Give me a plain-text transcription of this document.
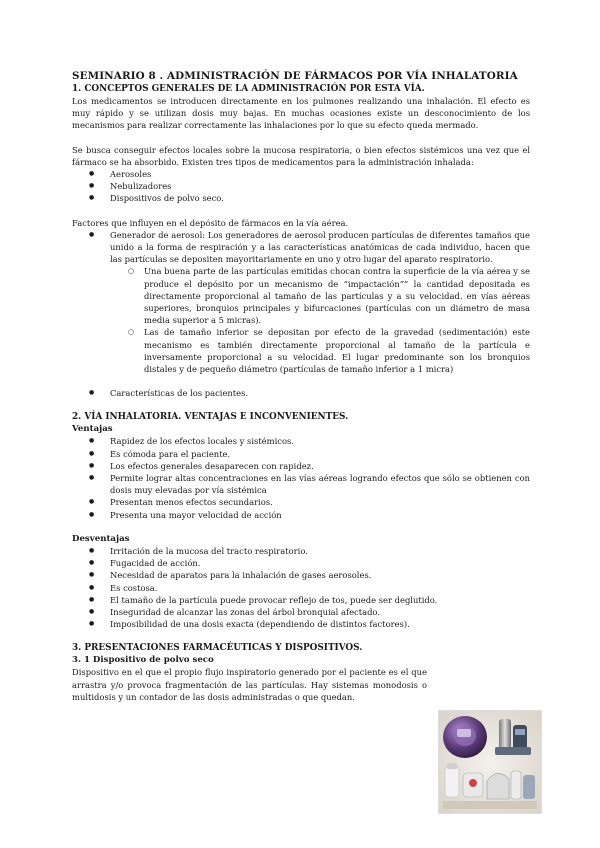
SEMINARIO 8 . ADMINISTRACIÓN DE FÁRMACOS POR VÍA INHALATORIA
1. CONCEPTOS GENERALES DE LA ADMINISTRACIÓN POR ESTA VÍA.

Los medicamentos se introducen directamente en los pulmones realizando una inhalación. El efecto es muy rápido y se utilizan dosis muy bajas. En muchas ocasiones existe un desconocimiento de los mecanismos para realizar correctamente las inhalaciones por lo que su efecto queda mermado.

Se busca conseguir efectos locales sobre la mucosa respiratoria, o bien efectos sistémicos una vez que el fármaco se ha absorbido. Existen tres tipos de medicamentos para la administración inhalada:

● Aerosoles
● Nebulizadores
● Dispositivos de polvo seco.

Factores que influyen en el depósito de fármacos en la vía aérea.

● Generador de aerosol: Los generadores de aerosol producen partículas de diferentes tamaños que unido a la forma de respiración y a las características anatómicas de cada individuo, hacen que las partículas se depositen mayoritariamente en uno y otro lugar del aparato respiratorio.
○ Una buena parte de las partículas emitidas chocan contra la superficie de la vía aérea y se produce el depósito por un mecanismo de “impactación”” la cantidad depositada es directamente proporcional al tamaño de las partículas y a su velocidad. en vías aéreas superiores, bronquios principales y bifurcaciones (partículas con un diámetro de masa media superior a 5 micras).
○ Las de tamaño inferior se depositan por efecto de la gravedad (sedimentación) este mecanismo es también directamente proporcional al tamaño de la partícula e inversamente proporcional a su velocidad. El lugar predominante son los bronquios distales y de pequeño diámetro (partículas de tamaño inferior a 1 micra)
● Características de los pacientes.
2. VÍA INHALATORIA. VENTAJAS E INCONVENIENTES.
Ventajas
● Rapidez de los efectos locales y sistémicos.
● Es cómoda para el paciente.
● Los efectos generales desaparecen con rapidez.
● Permite lograr altas concentraciones en las vías aéreas logrando efectos que sólo se obtienen con dosis muy elevadas por vía sistémica
● Presentan menos efectos secundarios.
● Presenta una mayor velocidad de acción
Desventajas
● Irritación de la mucosa del tracto respiratorio.
● Fugacidad de acción.
● Necesidad de aparatos para la inhalación de gases aerosoles.
● Es costosa.
● El tamaño de la partícula puede provocar reflejo de tos, puede ser deglutido.
● Inseguridad de alcanzar las zonas del árbol bronquial afectado.
● Imposibilidad de una dosis exacta (dependiendo de distintos factores).
3. PRESENTACIONES FARMACÉUTICAS Y DISPOSITIVOS.
3. 1 Dispositivo de polvo seco

Dispositivo en el que el propio flujo inspiratorio generado por el paciente es el que arrastra y/o provoca fragmentación de las partículas. Hay sistemas monodosis o multidosis y un contador de las dosis administradas o que quedan.
